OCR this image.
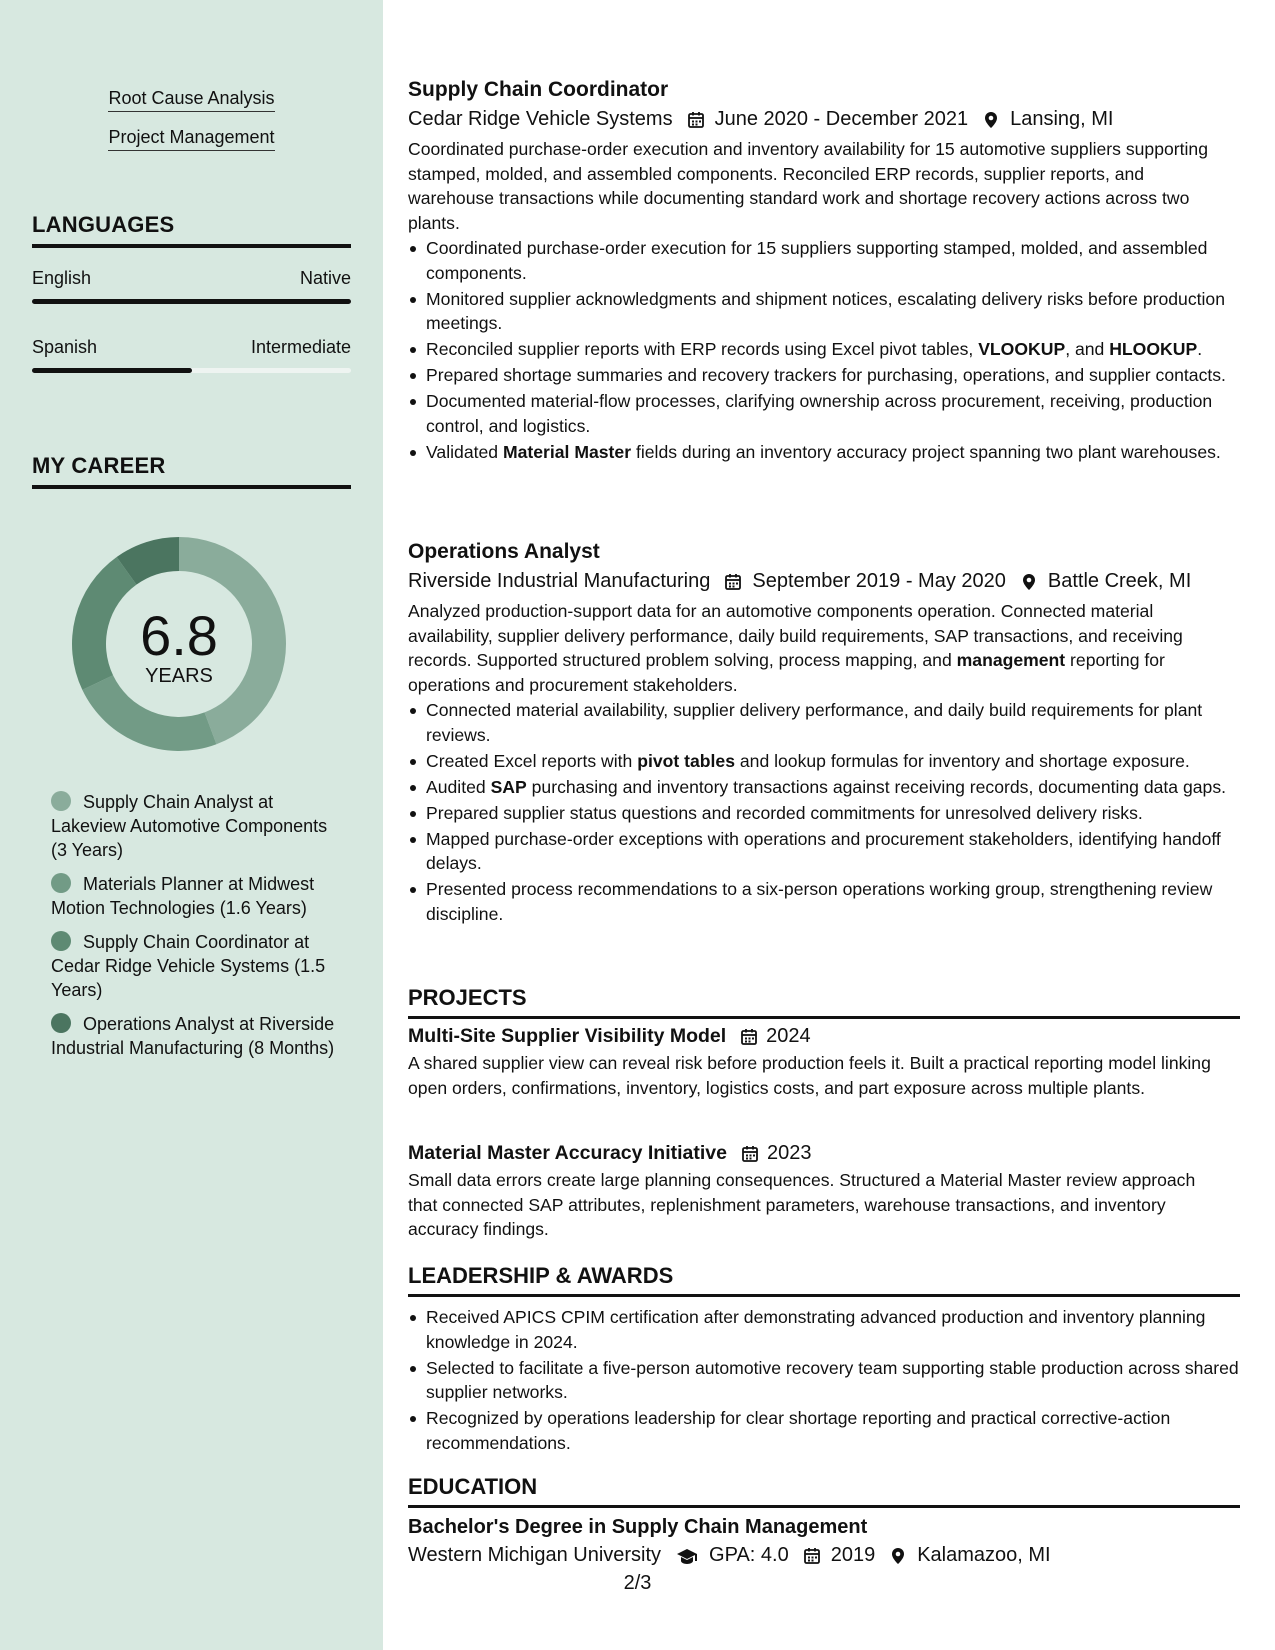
Root Cause Analysis
Project Management
LANGUAGES
English	Native
Spanish	Intermediate
MY CAREER
6.8
YEARS
Supply Chain Analyst at Lakeview Automotive Components (3 Years)
Materials Planner at Midwest Motion Technologies (1.6 Years)
Supply Chain Coordinator at Cedar Ridge Vehicle Systems (1.5 Years)
Operations Analyst at Riverside Industrial Manufacturing (8 Months)
Supply Chain Coordinator
Cedar Ridge Vehicle Systems June 2020 - December 2021 Lansing, MI
Coordinated purchase-order execution and inventory availability for 15 automotive suppliers supporting stamped, molded, and assembled components. Reconciled ERP records, supplier reports, and warehouse transactions while documenting standard work and shortage recovery actions across two plants.
Coordinated purchase-order execution for 15 suppliers supporting stamped, molded, and assembled components.
Monitored supplier acknowledgments and shipment notices, escalating delivery risks before production meetings.
Reconciled supplier reports with ERP records using Excel pivot tables, VLOOKUP, and HLOOKUP.
Prepared shortage summaries and recovery trackers for purchasing, operations, and supplier contacts.
Documented material-flow processes, clarifying ownership across procurement, receiving, production control, and logistics.
Validated Material Master fields during an inventory accuracy project spanning two plant warehouses.
Operations Analyst
Riverside Industrial Manufacturing September 2019 - May 2020 Battle Creek, MI
Analyzed production-support data for an automotive components operation. Connected material availability, supplier delivery performance, daily build requirements, SAP transactions, and receiving records. Supported structured problem solving, process mapping, and management reporting for operations and procurement stakeholders.
Connected material availability, supplier delivery performance, and daily build requirements for plant reviews.
Created Excel reports with pivot tables and lookup formulas for inventory and shortage exposure.
Audited SAP purchasing and inventory transactions against receiving records, documenting data gaps.
Prepared supplier status questions and recorded commitments for unresolved delivery risks.
Mapped purchase-order exceptions with operations and procurement stakeholders, identifying handoff delays.
Presented process recommendations to a six-person operations working group, strengthening review discipline.
PROJECTS
Multi-Site Supplier Visibility Model 2024
A shared supplier view can reveal risk before production feels it. Built a practical reporting model linking open orders, confirmations, inventory, logistics costs, and part exposure across multiple plants.
Material Master Accuracy Initiative 2023
Small data errors create large planning consequences. Structured a Material Master review approach that connected SAP attributes, replenishment parameters, warehouse transactions, and inventory accuracy findings.
LEADERSHIP & AWARDS
Received APICS CPIM certification after demonstrating advanced production and inventory planning knowledge in 2024.
Selected to facilitate a five-person automotive recovery team supporting stable production across shared supplier networks.
Recognized by operations leadership for clear shortage reporting and practical corrective-action recommendations.
EDUCATION
Bachelor's Degree in Supply Chain Management
Western Michigan University GPA: 4.0 2019 Kalamazoo, MI
2/3
